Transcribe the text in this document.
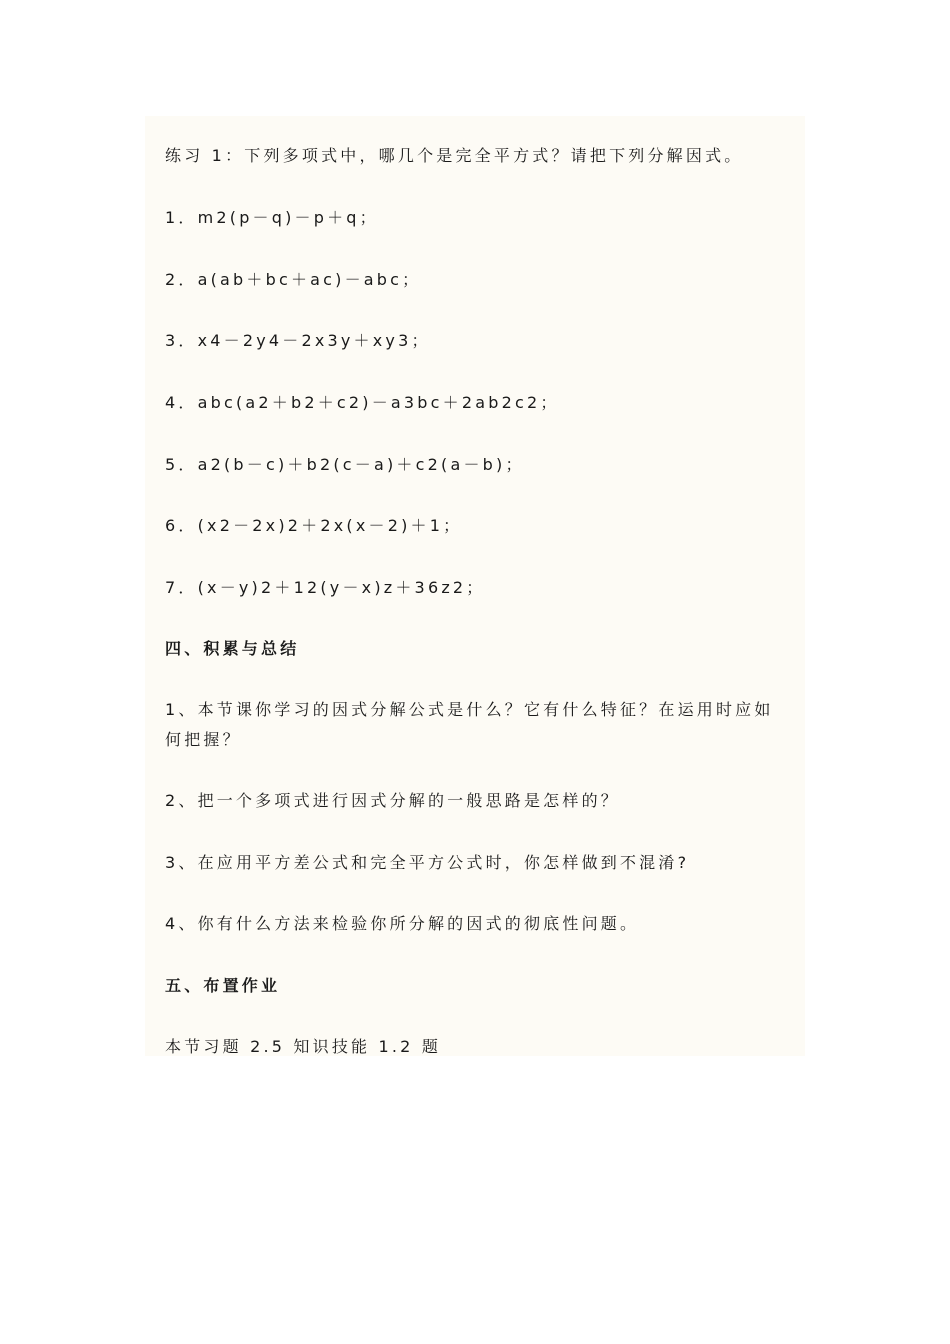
练习 1：下列多项式中，哪几个是完全平方式？请把下列分解因式。
1．m2(p－q)－p＋q；
2．a(ab＋bc＋ac)－abc；
3．x4－2y4－2x3y＋xy3；
4．abc(a2＋b2＋c2)－a3bc＋2ab2c2；
5．a2(b－c)＋b2(c－a)＋c2(a－b)；
6．(x2－2x)2＋2x(x－2)＋1；
7．(x－y)2＋12(y－x)z＋36z2；
四、积累与总结
1、本节课你学习的因式分解公式是什么？它有什么特征？在运用时应如何把握？
2、把一个多项式进行因式分解的一般思路是怎样的？
3、在应用平方差公式和完全平方公式时，你怎样做到不混淆?
4、你有什么方法来检验你所分解的因式的彻底性问题。
五、布置作业
本节习题 2.5 知识技能 1.2 题
